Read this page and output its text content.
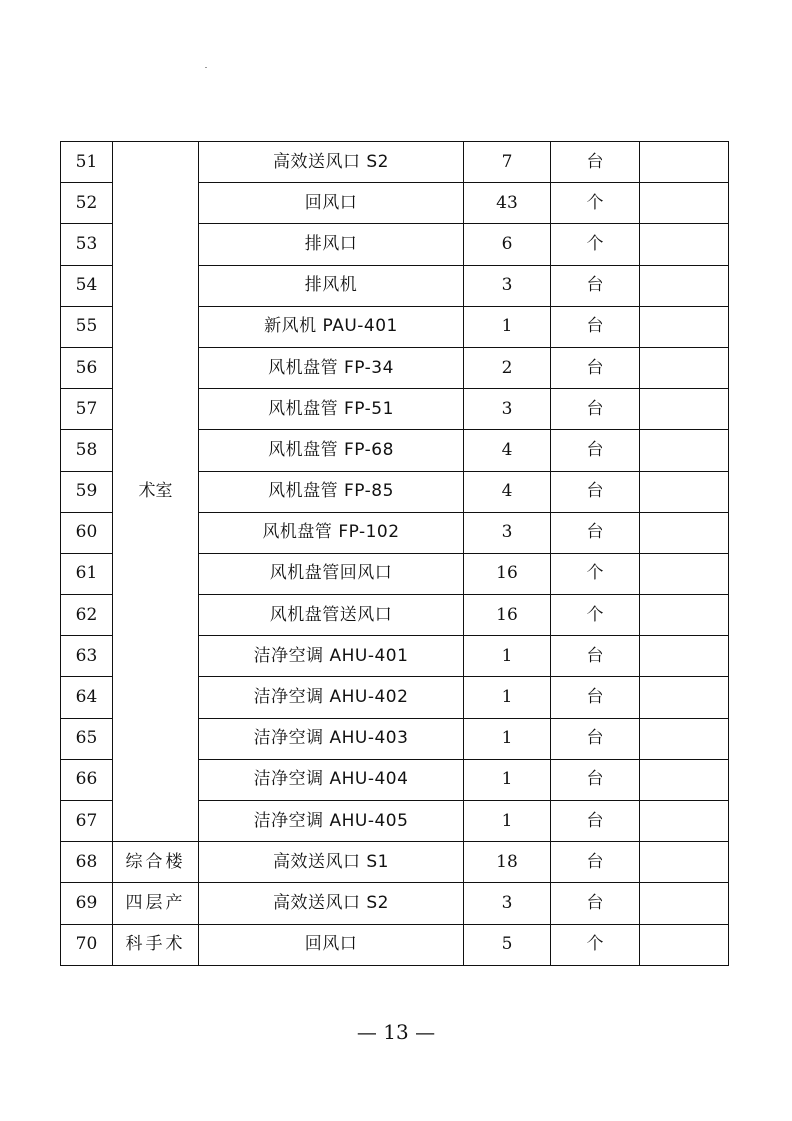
51	术室	高效送风口 S2	7	台	
52		回风口	43	个	
53		排风口	6	个	
54		排风机	3	台	
55		新风机 PAU-401	1	台	
56		风机盘管 FP-34	2	台	
57		风机盘管 FP-51	3	台	
58		风机盘管 FP-68	4	台	
59		风机盘管 FP-85	4	台	
60		风机盘管 FP-102	3	台	
61		风机盘管回风口	16	个	
62		风机盘管送风口	16	个	
63		洁净空调 AHU-401	1	台	
64		洁净空调 AHU-402	1	台	
65		洁净空调 AHU-403	1	台	
66		洁净空调 AHU-404	1	台	
67		洁净空调 AHU-405	1	台	
68	综合楼	高效送风口 S1	18	台	
69	四层产	高效送风口 S2	3	台	
70	科手术	回风口	5	个	
— 13 —
